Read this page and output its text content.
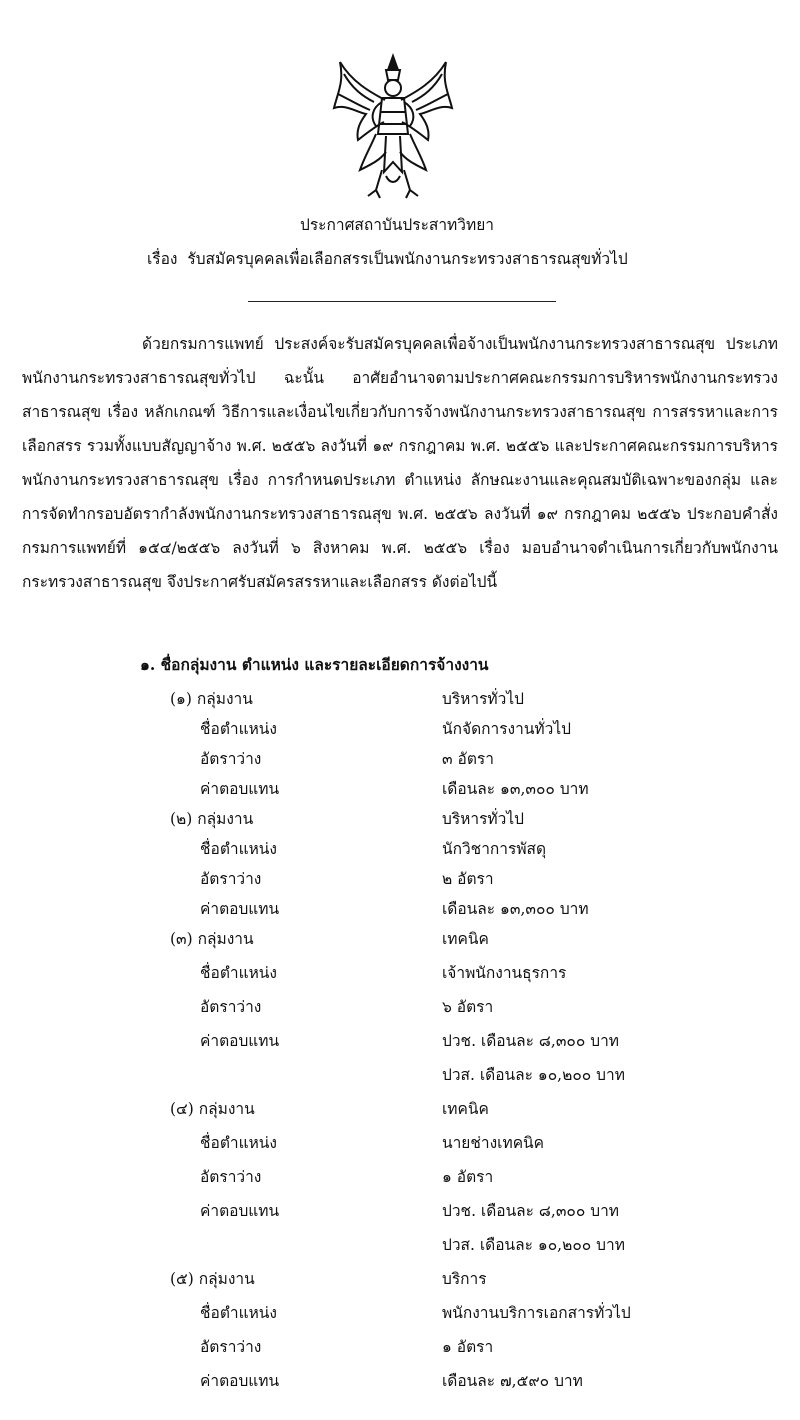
ประกาศสถาบันประสาทวิทยา
เรื่อง รับสมัครบุคคลเพื่อเลือกสรรเป็นพนักงานกระทรวงสาธารณสุขทั่วไป

ด้วยกรมการแพทย์ ประสงค์จะรับสมัครบุคคลเพื่อจ้างเป็นพนักงานกระทรวงสาธารณสุข ประเภทพนักงานกระทรวงสาธารณสุขทั่วไป ฉะนั้น อาศัยอำนาจตามประกาศคณะกรรมการบริหารพนักงานกระทรวงสาธารณสุข เรื่อง หลักเกณฑ์ วิธีการและเงื่อนไขเกี่ยวกับการจ้างพนักงานกระทรวงสาธารณสุข การสรรหาและการเลือกสรร รวมทั้งแบบสัญญาจ้าง พ.ศ. ๒๕๕๖ ลงวันที่ ๑๙ กรกฎาคม พ.ศ. ๒๕๕๖ และประกาศคณะกรรมการบริหารพนักงานกระทรวงสาธารณสุข เรื่อง การกำหนดประเภท ตำแหน่ง ลักษณะงานและคุณสมบัติเฉพาะของกลุ่ม และการจัดทำกรอบอัตรากำลังพนักงานกระทรวงสาธารณสุข พ.ศ. ๒๕๕๖ ลงวันที่ ๑๙ กรกฎาคม ๒๕๕๖ ประกอบคำสั่งกรมการแพทย์ที่ ๑๕๔/๒๕๕๖ ลงวันที่ ๖ สิงหาคม พ.ศ. ๒๕๕๖ เรื่อง มอบอำนาจดำเนินการเกี่ยวกับพนักงานกระทรวงสาธารณสุข จึงประกาศรับสมัครสรรหาและเลือกสรร ดังต่อไปนี้

๑. ชื่อกลุ่มงาน ตำแหน่ง และรายละเอียดการจ้างงาน
(๑) กลุ่มงาน	บริหารทั่วไป
ชื่อตำแหน่ง	นักจัดการงานทั่วไป
อัตราว่าง	๓ อัตรา
ค่าตอบแทน	เดือนละ ๑๓,๓๐๐ บาท
(๒) กลุ่มงาน	บริหารทั่วไป
ชื่อตำแหน่ง	นักวิชาการพัสดุ
อัตราว่าง	๒ อัตรา
ค่าตอบแทน	เดือนละ ๑๓,๓๐๐ บาท
(๓) กลุ่มงาน	เทคนิค
ชื่อตำแหน่ง	เจ้าพนักงานธุรการ
อัตราว่าง	๖ อัตรา
ค่าตอบแทน	ปวช. เดือนละ ๘,๓๐๐ บาท
ปวส. เดือนละ ๑๐,๒๐๐ บาท
(๔) กลุ่มงาน	เทคนิค
ชื่อตำแหน่ง	นายช่างเทคนิค
อัตราว่าง	๑ อัตรา
ค่าตอบแทน	ปวช. เดือนละ ๘,๓๐๐ บาท
ปวส. เดือนละ ๑๐,๒๐๐ บาท
(๕) กลุ่มงาน	บริการ
ชื่อตำแหน่ง	พนักงานบริการเอกสารทั่วไป
อัตราว่าง	๑ อัตรา
ค่าตอบแทน	เดือนละ ๗,๕๙๐ บาท
